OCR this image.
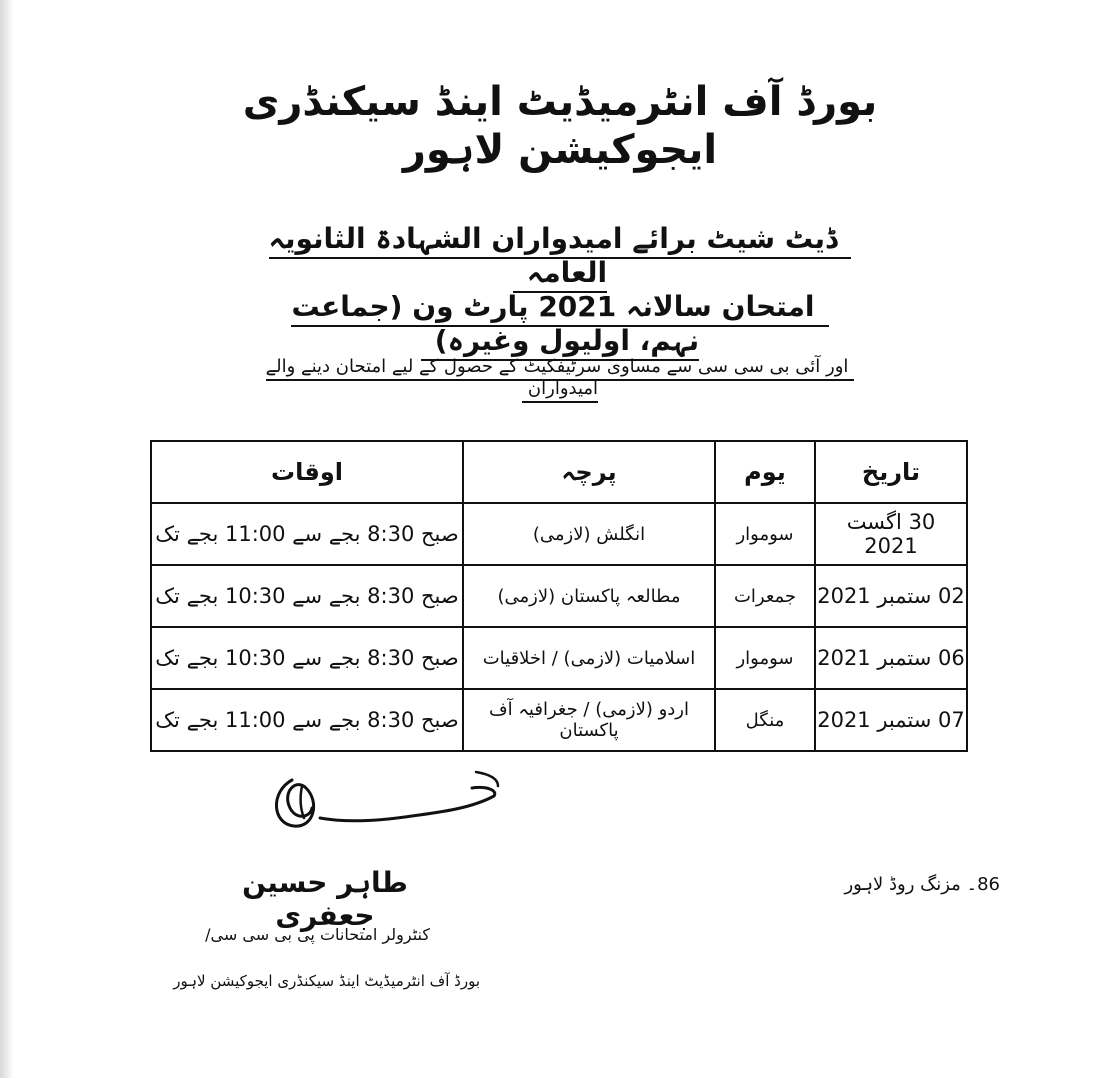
بورڈ آف انٹرمیڈیٹ اینڈ سیکنڈری ایجوکیشن لاہور
ڈیٹ شیٹ برائے امیدواران الشہادۃ الثانویہ العامہ
امتحان سالانہ 2021 پارٹ ون (جماعت نہم، اولیول وغیرہ)
اور آئی بی سی سی سے مساوی سرٹیفکیٹ کے حصول کے لیے امتحان دینے والے امیدواران
تاریخ	یوم	پرچہ	اوقات
30 اگست 2021	سوموار	انگلش (لازمی)	صبح 8:30 بجے سے 11:00 بجے تک
02 ستمبر 2021	جمعرات	مطالعہ پاکستان (لازمی)	صبح 8:30 بجے سے 10:30 بجے تک
06 ستمبر 2021	سوموار	اسلامیات (لازمی) / اخلاقیات	صبح 8:30 بجے سے 10:30 بجے تک
07 ستمبر 2021	منگل	اردو (لازمی) / جغرافیہ آف پاکستان	صبح 8:30 بجے سے 11:00 بجے تک
طاہر حسین جعفری
کنٹرولر امتحانات پی بی سی سی/
بورڈ آف انٹرمیڈیٹ اینڈ سیکنڈری ایجوکیشن لاہور
86۔ مزنگ روڈ لاہور
